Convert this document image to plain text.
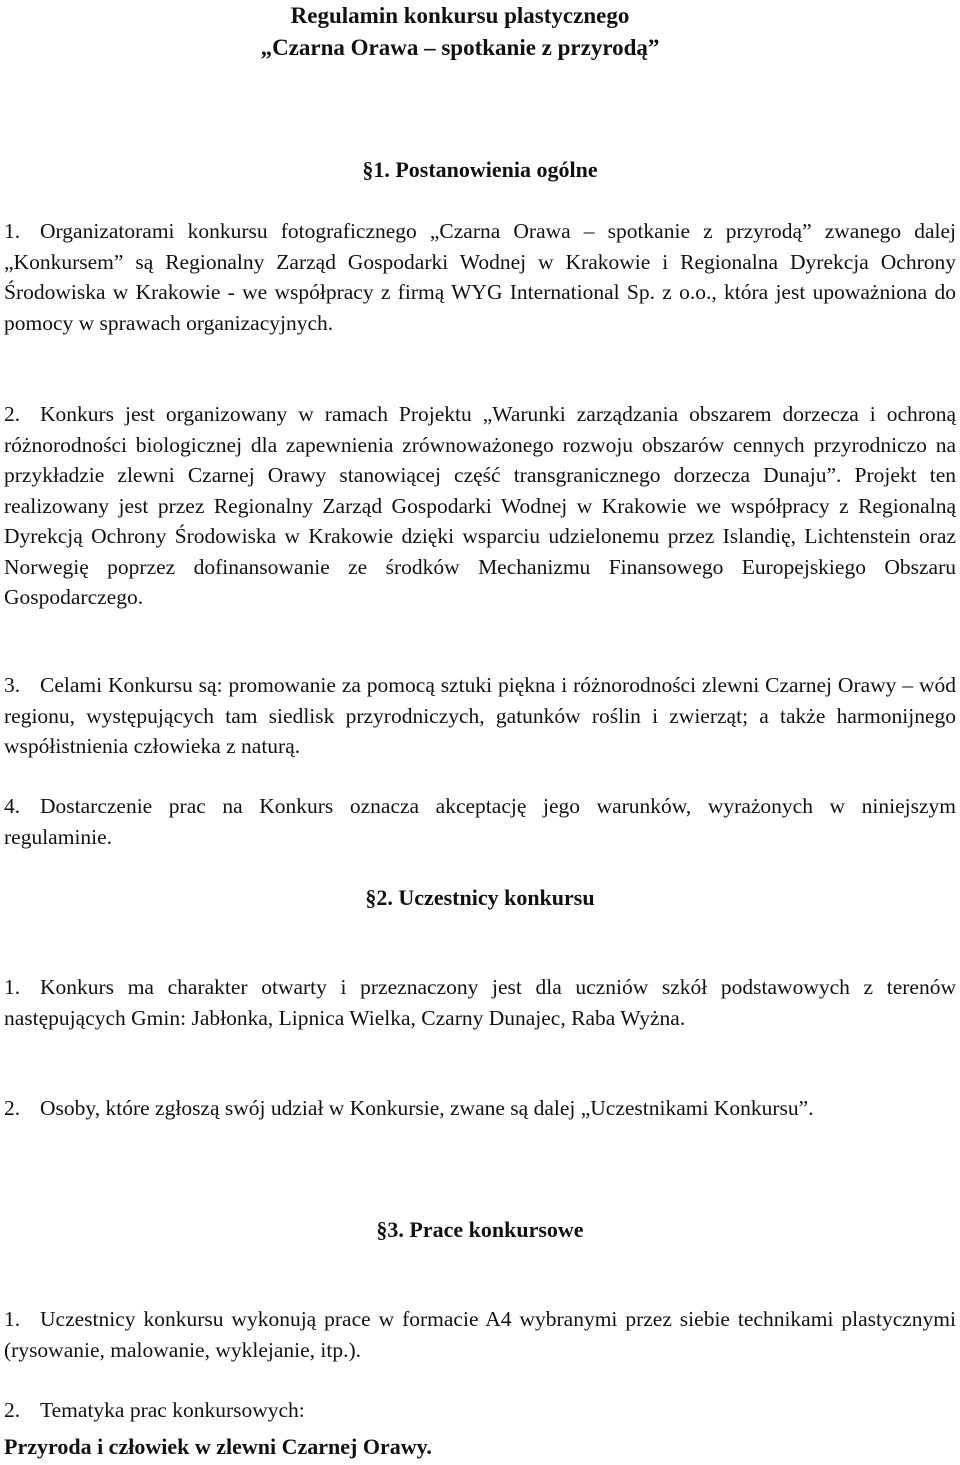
Regulamin konkursu plastycznego
„Czarna Orawa – spotkanie z przyrodą”
§1. Postanowienia ogólne
1. Organizatorami konkursu fotograficznego „Czarna Orawa – spotkanie z przyrodą” zwanego dalej „Konkursem” są Regionalny Zarząd Gospodarki Wodnej w Krakowie i Regionalna Dyrekcja Ochrony Środowiska w Krakowie - we współpracy z firmą WYG International Sp. z o.o., która jest upoważniona do pomocy w sprawach organizacyjnych.
2. Konkurs jest organizowany w ramach Projektu „Warunki zarządzania obszarem dorzecza i ochroną różnorodności biologicznej dla zapewnienia zrównoważonego rozwoju obszarów cennych przyrodniczo na przykładzie zlewni Czarnej Orawy stanowiącej część transgranicznego dorzecza Dunaju”. Projekt ten realizowany jest przez Regionalny Zarząd Gospodarki Wodnej w Krakowie we współpracy z Regionalną Dyrekcją Ochrony Środowiska w Krakowie dzięki wsparciu udzielonemu przez Islandię, Lichtenstein oraz Norwegię poprzez dofinansowanie ze środków Mechanizmu Finansowego Europejskiego Obszaru Gospodarczego.
3. Celami Konkursu są: promowanie za pomocą sztuki piękna i różnorodności zlewni Czarnej Orawy – wód regionu, występujących tam siedlisk przyrodniczych, gatunków roślin i zwierząt; a także harmonijnego współistnienia człowieka z naturą.
4. Dostarczenie prac na Konkurs oznacza akceptację jego warunków, wyrażonych w niniejszym regulaminie.
§2. Uczestnicy konkursu
1. Konkurs ma charakter otwarty i przeznaczony jest dla uczniów szkół podstawowych z terenów następujących Gmin: Jabłonka, Lipnica Wielka, Czarny Dunajec, Raba Wyżna.
2. Osoby, które zgłoszą swój udział w Konkursie, zwane są dalej „Uczestnikami Konkursu”.
§3. Prace konkursowe
1. Uczestnicy konkursu wykonują prace w formacie A4 wybranymi przez siebie technikami plastycznymi (rysowanie, malowanie, wyklejanie, itp.).
2. Tematyka prac konkursowych:
Przyroda i człowiek w zlewni Czarnej Orawy.
